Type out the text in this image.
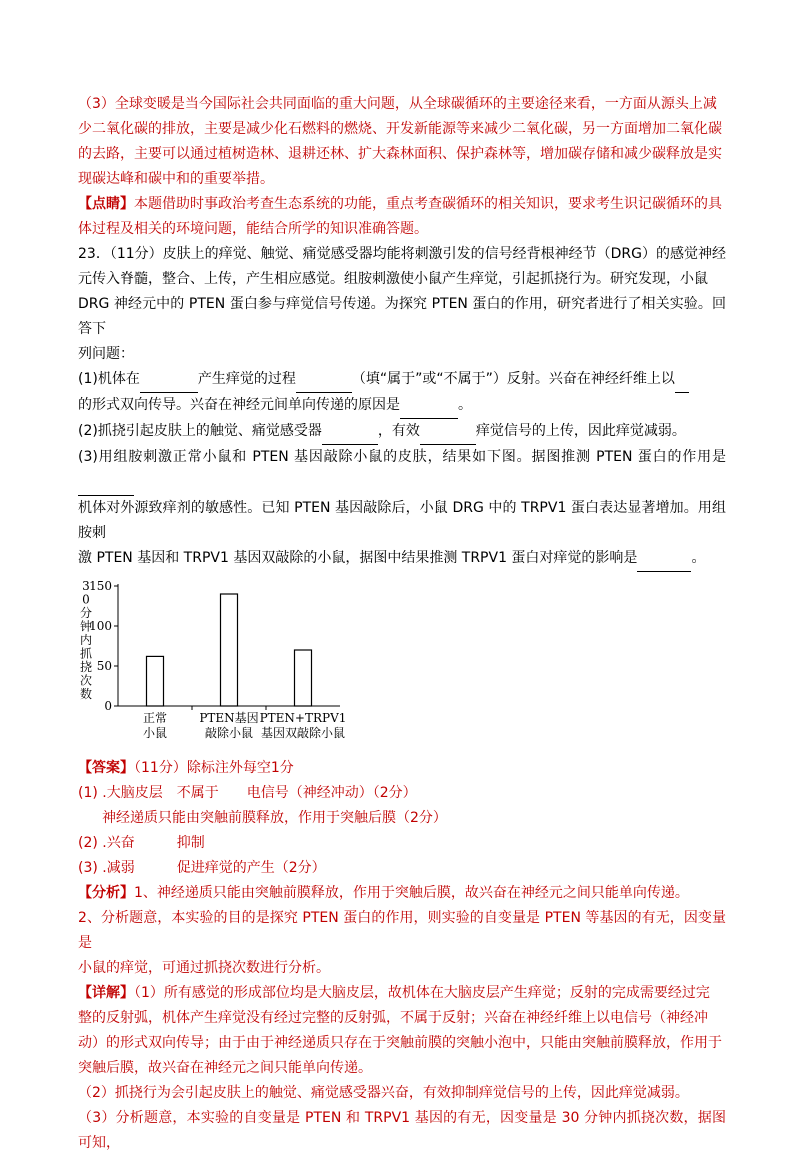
（3）全球变暖是当今国际社会共同面临的重大问题，从全球碳循环的主要途径来看，一方面从源头上减

少二氧化碳的排放，主要是减少化石燃料的燃烧、开发新能源等来减少二氧化碳，另一方面增加二氧化碳

的去路，主要可以通过植树造林、退耕还林、扩大森林面积、保护森林等，增加碳存储和减少碳释放是实

现碳达峰和碳中和的重要举措。

【点睛】本题借助时事政治考查生态系统的功能，重点考查碳循环的相关知识，要求考生识记碳循环的具

体过程及相关的环境问题，能结合所学的知识准确答题。

23．（11分）皮肤上的痒觉、触觉、痛觉感受器均能将刺激引发的信号经背根神经节（DRG）的感觉神经

元传入脊髓，整合、上传，产生相应感觉。组胺刺激使小鼠产生痒觉，引起抓挠行为。研究发现，小鼠

DRG 神经元中的 PTEN 蛋白参与痒觉信号传递。为探究 PTEN 蛋白的作用，研究者进行了相关实验。回答下

列问题：

(1)机体在	产生痒觉的过程	（填“属于”或“不属于”）反射。兴奋在神经纤维上以

的形式双向传导。兴奋在神经元间单向传递的原因是	。

(2)抓挠引起皮肤上的触觉、痛觉感受器	，有效	痒觉信号的上传，因此痒觉减弱。

(3)用组胺刺激正常小鼠和 PTEN 基因敲除小鼠的皮肤，结果如下图。据图推测 PTEN 蛋白的作用是

机体对外源致痒剂的敏感性。已知 PTEN 基因敲除后，小鼠 DRG 中的 TRPV1 蛋白表达显著增加。用组胺刺

激 PTEN 基因和 TRPV1 基因双敲除的小鼠，据图中结果推测 TRPV1 蛋白对痒觉的影响是	。

3
0
分
钟
内
抓
挠
次
数
0
50
100
150
正常
小鼠
PTEN基因
敲除小鼠
PTEN+TRPV1
基因双敲除小鼠

【答案】（11分）除标注外每空1分

(1) .大脑皮层　不属于　　电信号（神经冲动）（2分）

神经递质只能由突触前膜释放，作用于突触后膜（2分）

(2) .兴奋　　　抑制

(3) .减弱　　　促进痒觉的产生（2分）

【分析】1、神经递质只能由突触前膜释放，作用于突触后膜，故兴奋在神经元之间只能单向传递。

2、分析题意，本实验的目的是探究 PTEN 蛋白的作用，则实验的自变量是 PTEN 等基因的有无，因变量是

小鼠的痒觉，可通过抓挠次数进行分析。

【详解】（1）所有感觉的形成部位均是大脑皮层，故机体在大脑皮层产生痒觉；反射的完成需要经过完

整的反射弧，机体产生痒觉没有经过完整的反射弧，不属于反射；兴奋在神经纤维上以电信号（神经冲

动）的形式双向传导；由于由于神经递质只存在于突触前膜的突触小泡中，只能由突触前膜释放，作用于

突触后膜，故兴奋在神经元之间只能单向传递。

（2）抓挠行为会引起皮肤上的触觉、痛觉感受器兴奋，有效抑制痒觉信号的上传，因此痒觉减弱。

（3）分析题意，本实验的自变量是 PTEN 和 TRPV1 基因的有无，因变量是 30 分钟内抓挠次数，据图可知，
